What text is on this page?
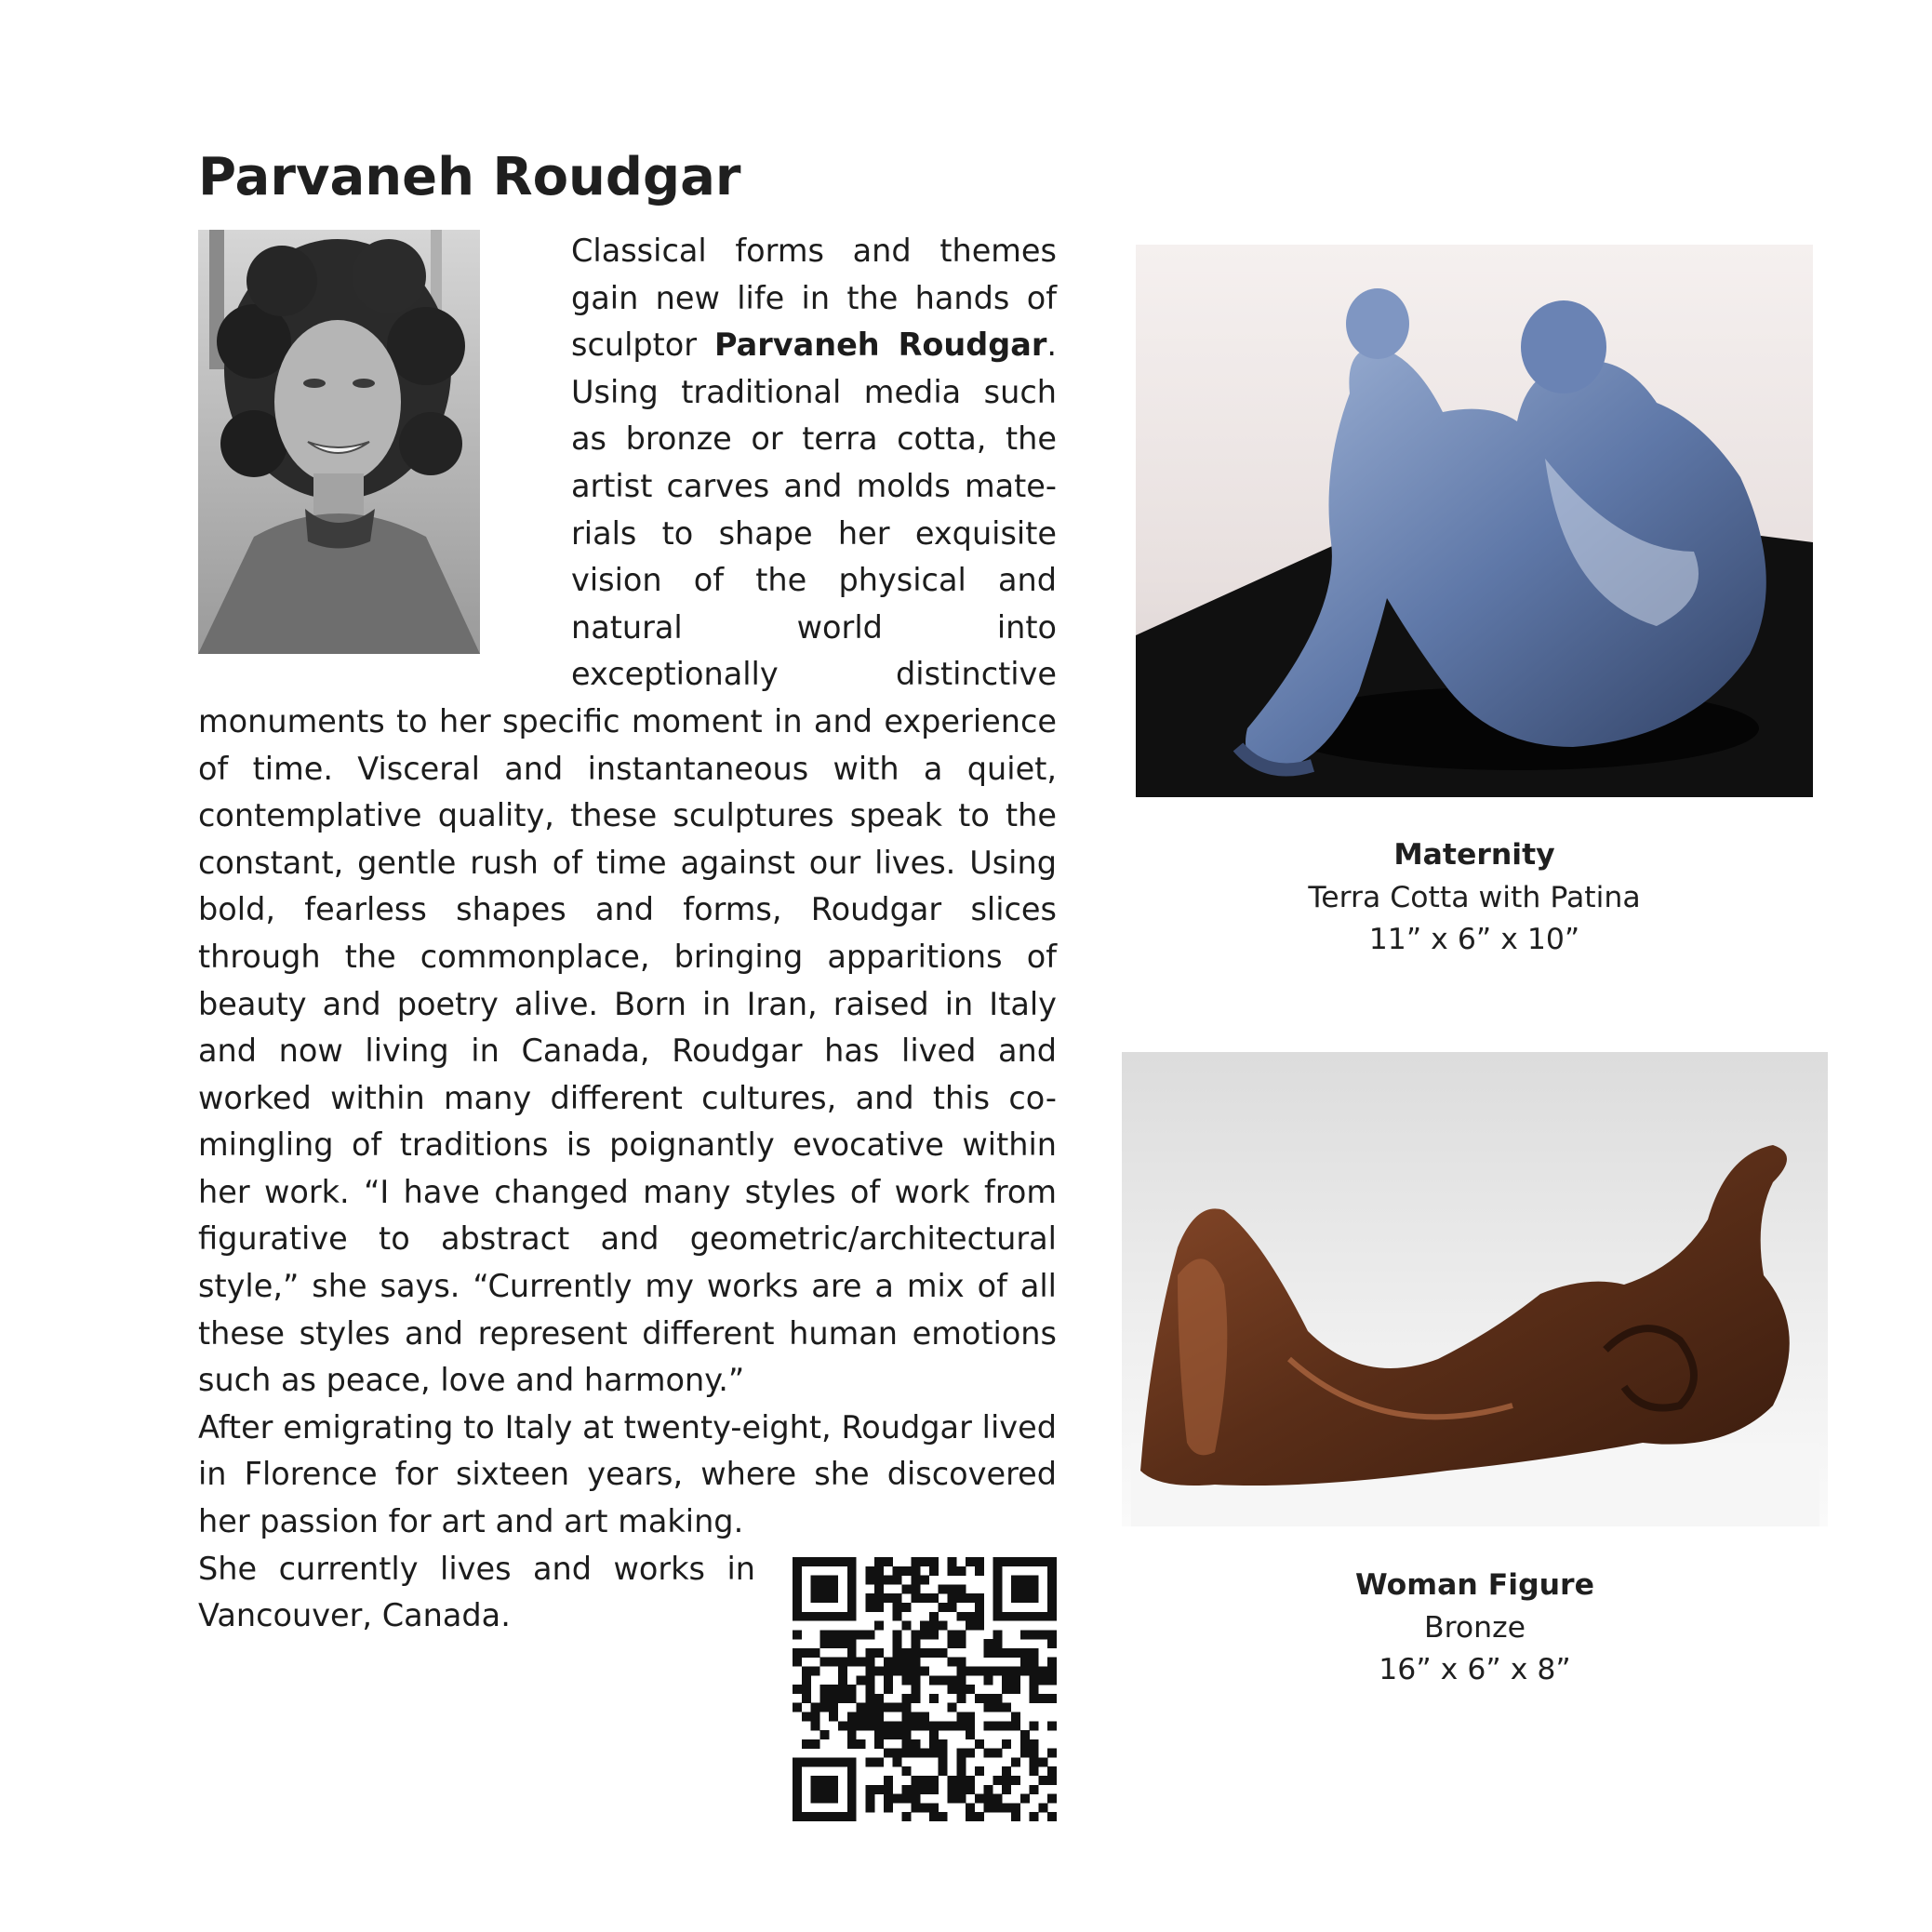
Parvaneh Roudgar

Classical forms and themes gain new life in the hands of sculptor Parvaneh Roudgar. Using traditional media such as bronze or terra cotta, the artist carves and molds materials to shape her exquisite vision of the physical and natural world into exceptionally distinctive monuments to her specific moment in and experience of time. Visceral and instantaneous with a quiet, contemplative quality, these sculptures speak to the constant, gentle rush of time against our lives. Using bold, fearless shapes and forms, Roudgar slices through the commonplace, bringing apparitions of beauty and poetry alive. Born in Iran, raised in Italy and now living in Canada, Roudgar has lived and worked within many different cultures, and this co-mingling of traditions is poignantly evocative within her work. “I have changed many styles of work from figurative to abstract and geometric/architectural style,” she says. “Currently my works are a mix of all these styles and represent different human emotions such as peace, love and harmony.”

After emigrating to Italy at twenty-eight, Roudgar lived in Florence for sixteen years, where she discovered her passion for art and art making.

She currently lives and works in Vancouver, Canada.

Maternity
Terra Cotta with Patina
11” x 6” x 10”
Woman Figure
Bronze
16” x 6” x 8”
